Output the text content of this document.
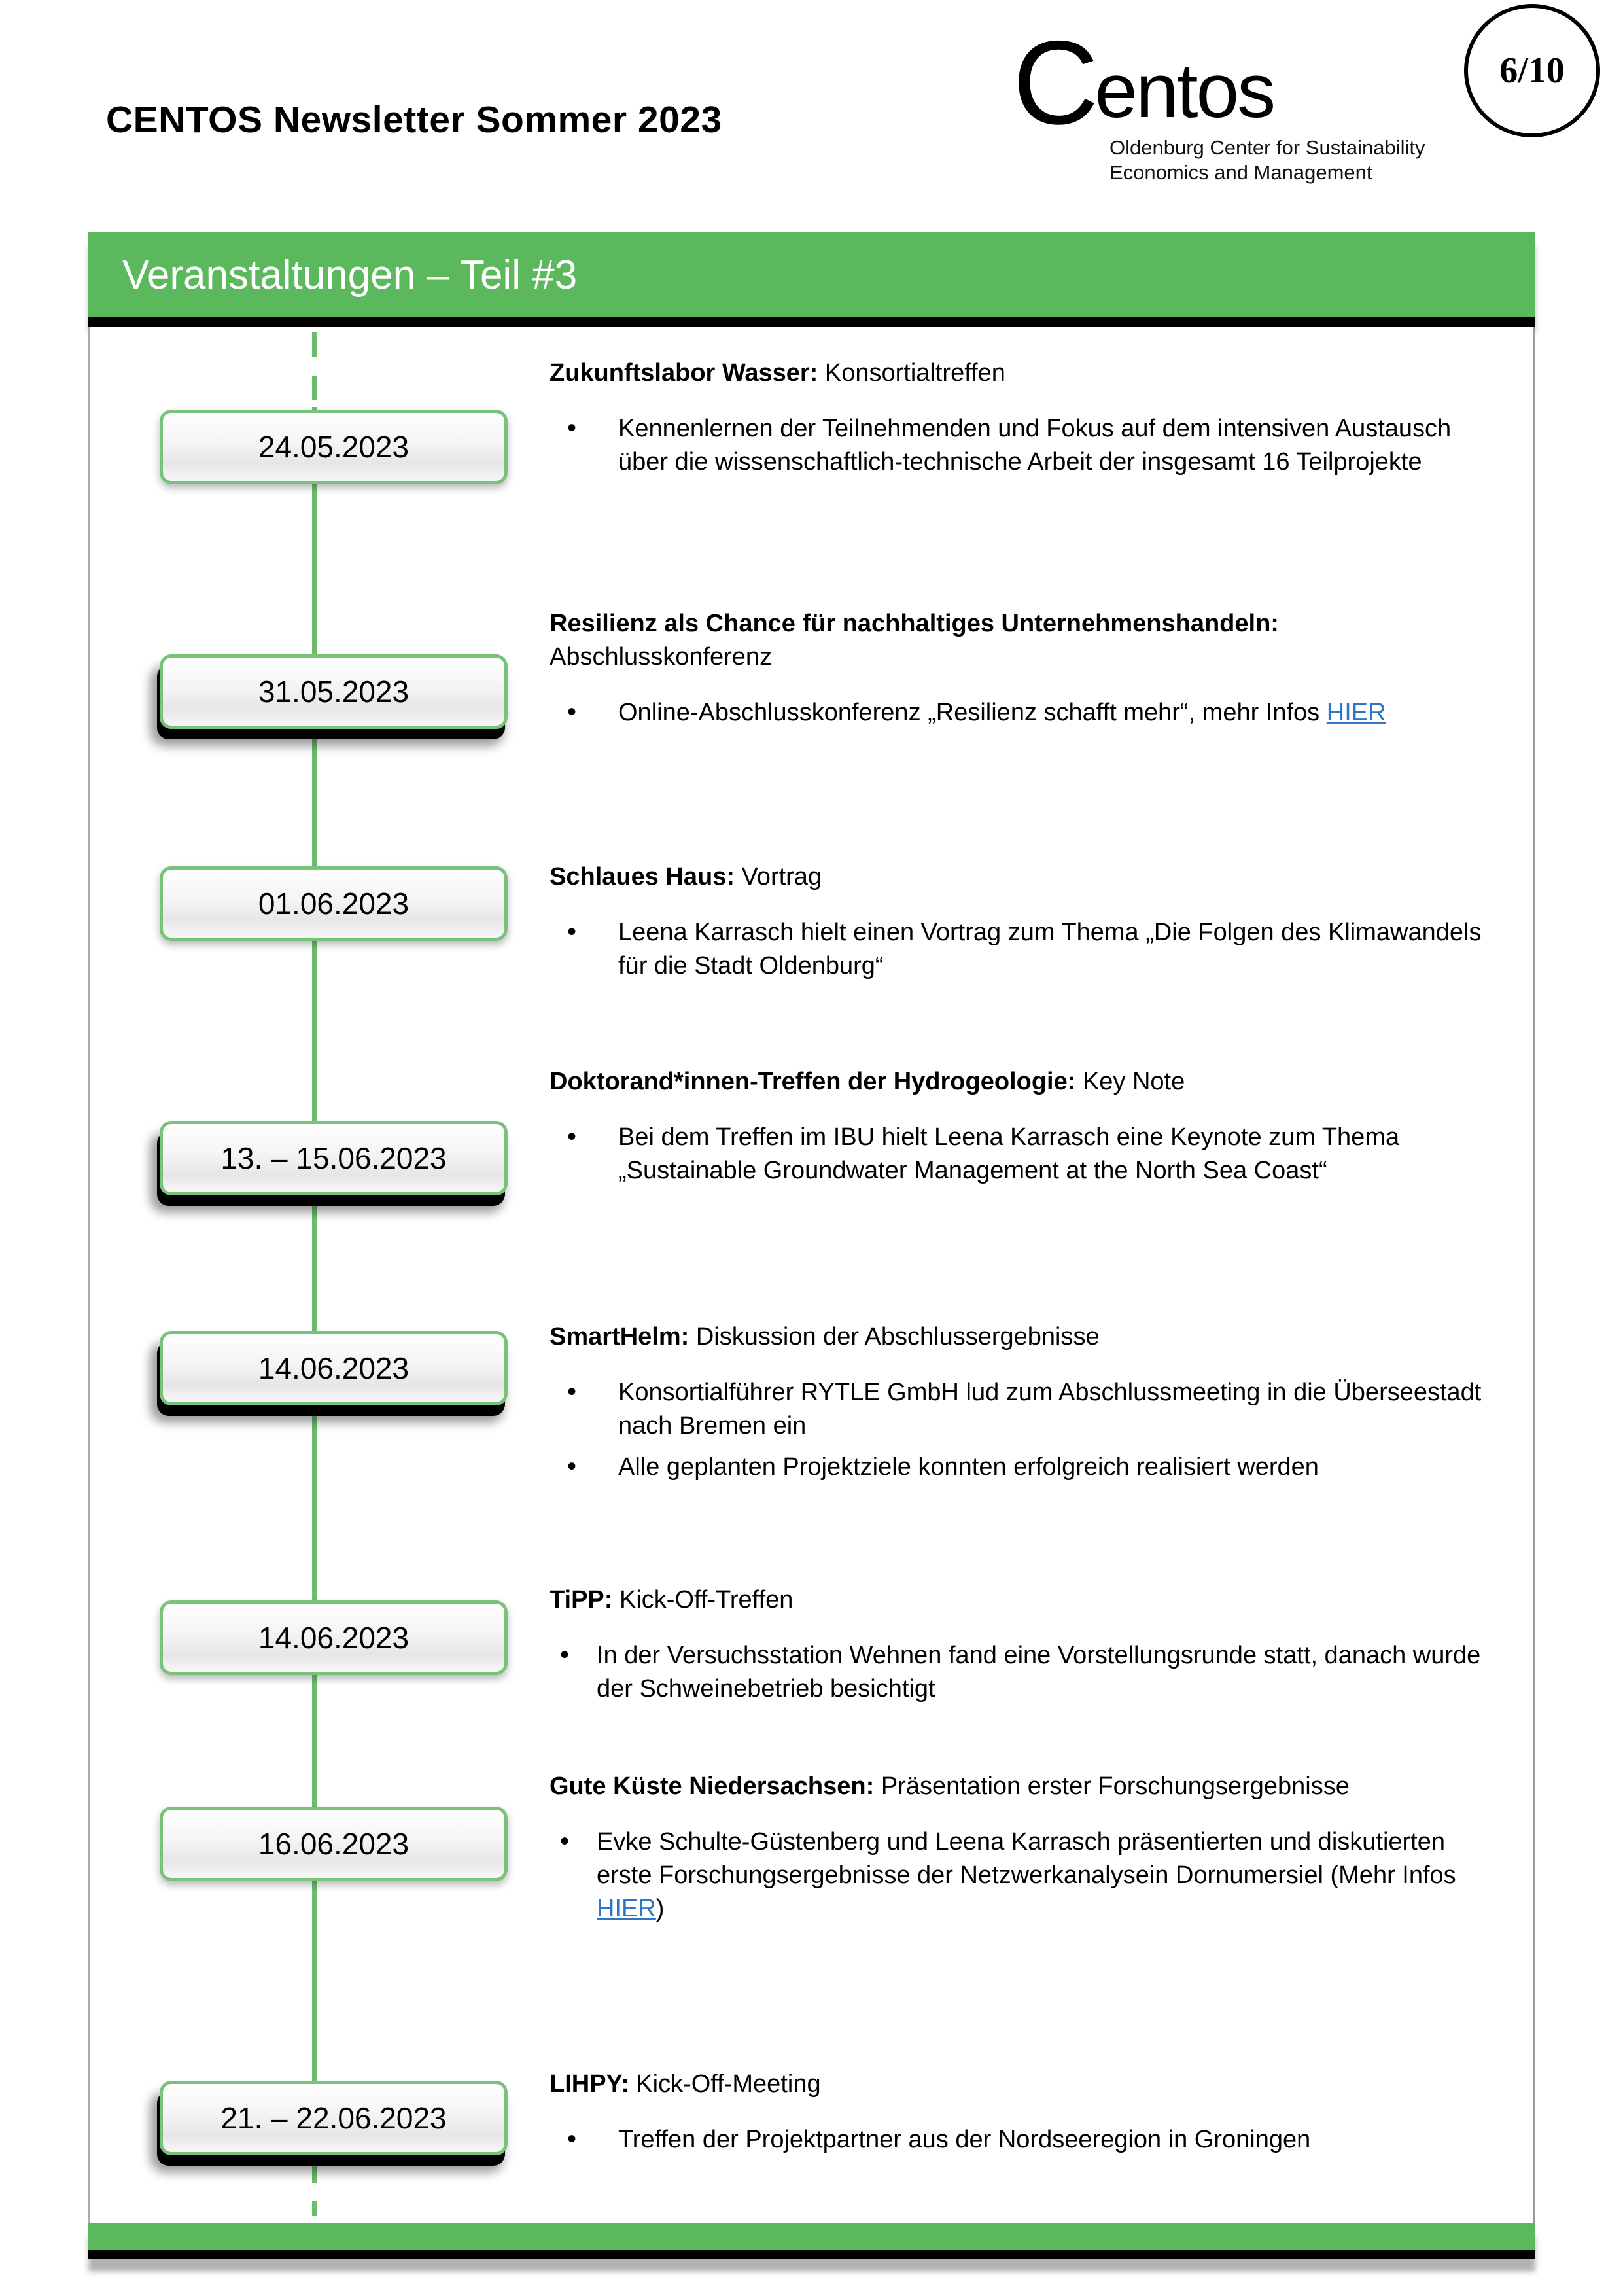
CENTOS Newsletter Sommer 2023 C entos
Oldenburg Center for Sustainability
Economics and Management
6/10
Veranstaltungen – Teil #3
24.05.2023

Zukunftslabor Wasser: Konsortialtreffen

• Kennenlernen der Teilnehmenden und Fokus auf dem intensiven Austausch über die wissenschaftlich-technische Arbeit der insgesamt 16 Teilprojekte
31.05.2023

Resilienz als Chance für nachhaltiges Unternehmenshandeln: Abschlusskonferenz

• Online-Abschlusskonferenz „Resilienz schafft mehr“, mehr Infos HIER
01.06.2023

Schlaues Haus: Vortrag

• Leena Karrasch hielt einen Vortrag zum Thema „Die Folgen des Klimawandels für die Stadt Oldenburg“
13. – 15.06.2023

Doktorand*innen-Treffen der Hydrogeologie: Key Note

• Bei dem Treffen im IBU hielt Leena Karrasch eine Keynote zum Thema „Sustainable Groundwater Management at the North Sea Coast“
14.06.2023

SmartHelm: Diskussion der Abschlussergebnisse

• Konsortialführer RYTLE GmbH lud zum Abschlussmeeting in die Überseestadt nach Bremen ein
• Alle geplanten Projektziele konnten erfolgreich realisiert werden
14.06.2023

TiPP: Kick-Off-Treffen

• In der Versuchsstation Wehnen fand eine Vorstellungsrunde statt, danach wurde der Schweinebetrieb besichtigt
16.06.2023

Gute Küste Niedersachsen: Präsentation erster Forschungsergebnisse

• Evke Schulte-Güstenberg und Leena Karrasch präsentierten und diskutierten erste Forschungsergebnisse der Netzwerkanalysein Dornumersiel (Mehr Infos HIER)
21. – 22.06.2023

LIHPY: Kick-Off-Meeting

• Treffen der Projektpartner aus der Nordseeregion in Groningen
